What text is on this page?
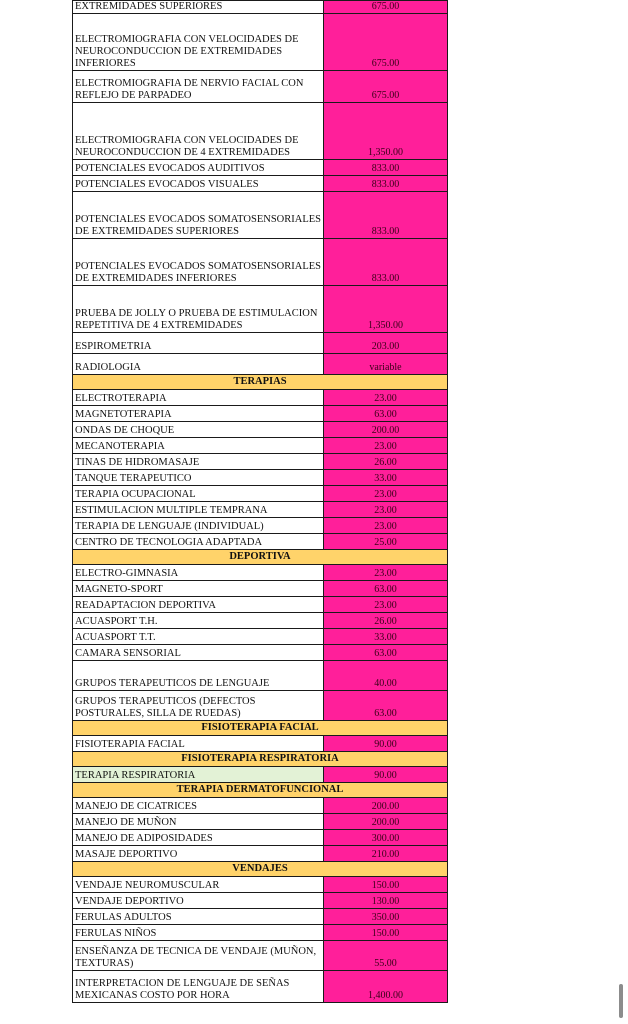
EXTREMIDADES SUPERIORES	675.00
ELECTROMIOGRAFIA CON VELOCIDADES DE NEUROCONDUCCION DE EXTREMIDADES INFERIORES	675.00
ELECTROMIOGRAFIA DE NERVIO FACIAL CON REFLEJO DE PARPADEO	675.00
ELECTROMIOGRAFIA CON VELOCIDADES DE NEUROCONDUCCION DE 4 EXTREMIDADES	1,350.00
POTENCIALES EVOCADOS AUDITIVOS	833.00
POTENCIALES EVOCADOS VISUALES	833.00
POTENCIALES EVOCADOS SOMATOSENSORIALES DE EXTREMIDADES SUPERIORES	833.00
POTENCIALES EVOCADOS SOMATOSENSORIALES DE EXTREMIDADES INFERIORES	833.00
PRUEBA DE JOLLY O PRUEBA DE ESTIMULACION REPETITIVA DE 4 EXTREMIDADES	1,350.00
ESPIROMETRIA	203.00
RADIOLOGIA	variable
TERAPIAS	
ELECTROTERAPIA	23.00
MAGNETOTERAPIA	63.00
ONDAS DE CHOQUE	200.00
MECANOTERAPIA	23.00
TINAS DE HIDROMASAJE	26.00
TANQUE TERAPEUTICO	33.00
TERAPIA OCUPACIONAL	23.00
ESTIMULACION MULTIPLE TEMPRANA	23.00
TERAPIA DE LENGUAJE (INDIVIDUAL)	23.00
CENTRO DE TECNOLOGIA ADAPTADA	25.00
DEPORTIVA	
ELECTRO-GIMNASIA	23.00
MAGNETO-SPORT	63.00
READAPTACION DEPORTIVA	23.00
ACUASPORT T.H.	26.00
ACUASPORT T.T.	33.00
CAMARA SENSORIAL	63.00
GRUPOS TERAPEUTICOS DE LENGUAJE	40.00
GRUPOS TERAPEUTICOS (DEFECTOS POSTURALES, SILLA DE RUEDAS)	63.00
FISIOTERAPIA FACIAL	
FISIOTERAPIA FACIAL	90.00
FISIOTERAPIA RESPIRATORIA	
TERAPIA RESPIRATORIA	90.00
TERAPIA DERMATOFUNCIONAL	
MANEJO DE CICATRICES	200.00
MANEJO DE MUÑON	200.00
MANEJO DE ADIPOSIDADES	300.00
MASAJE DEPORTIVO	210.00
VENDAJES	
VENDAJE NEUROMUSCULAR	150.00
VENDAJE DEPORTIVO	130.00
FERULAS ADULTOS	350.00
FERULAS NIÑOS	150.00
ENSEÑANZA DE TECNICA DE VENDAJE (MUÑON, TEXTURAS)	55.00
INTERPRETACION DE LENGUAJE DE SEÑAS MEXICANAS COSTO POR HORA	1,400.00
